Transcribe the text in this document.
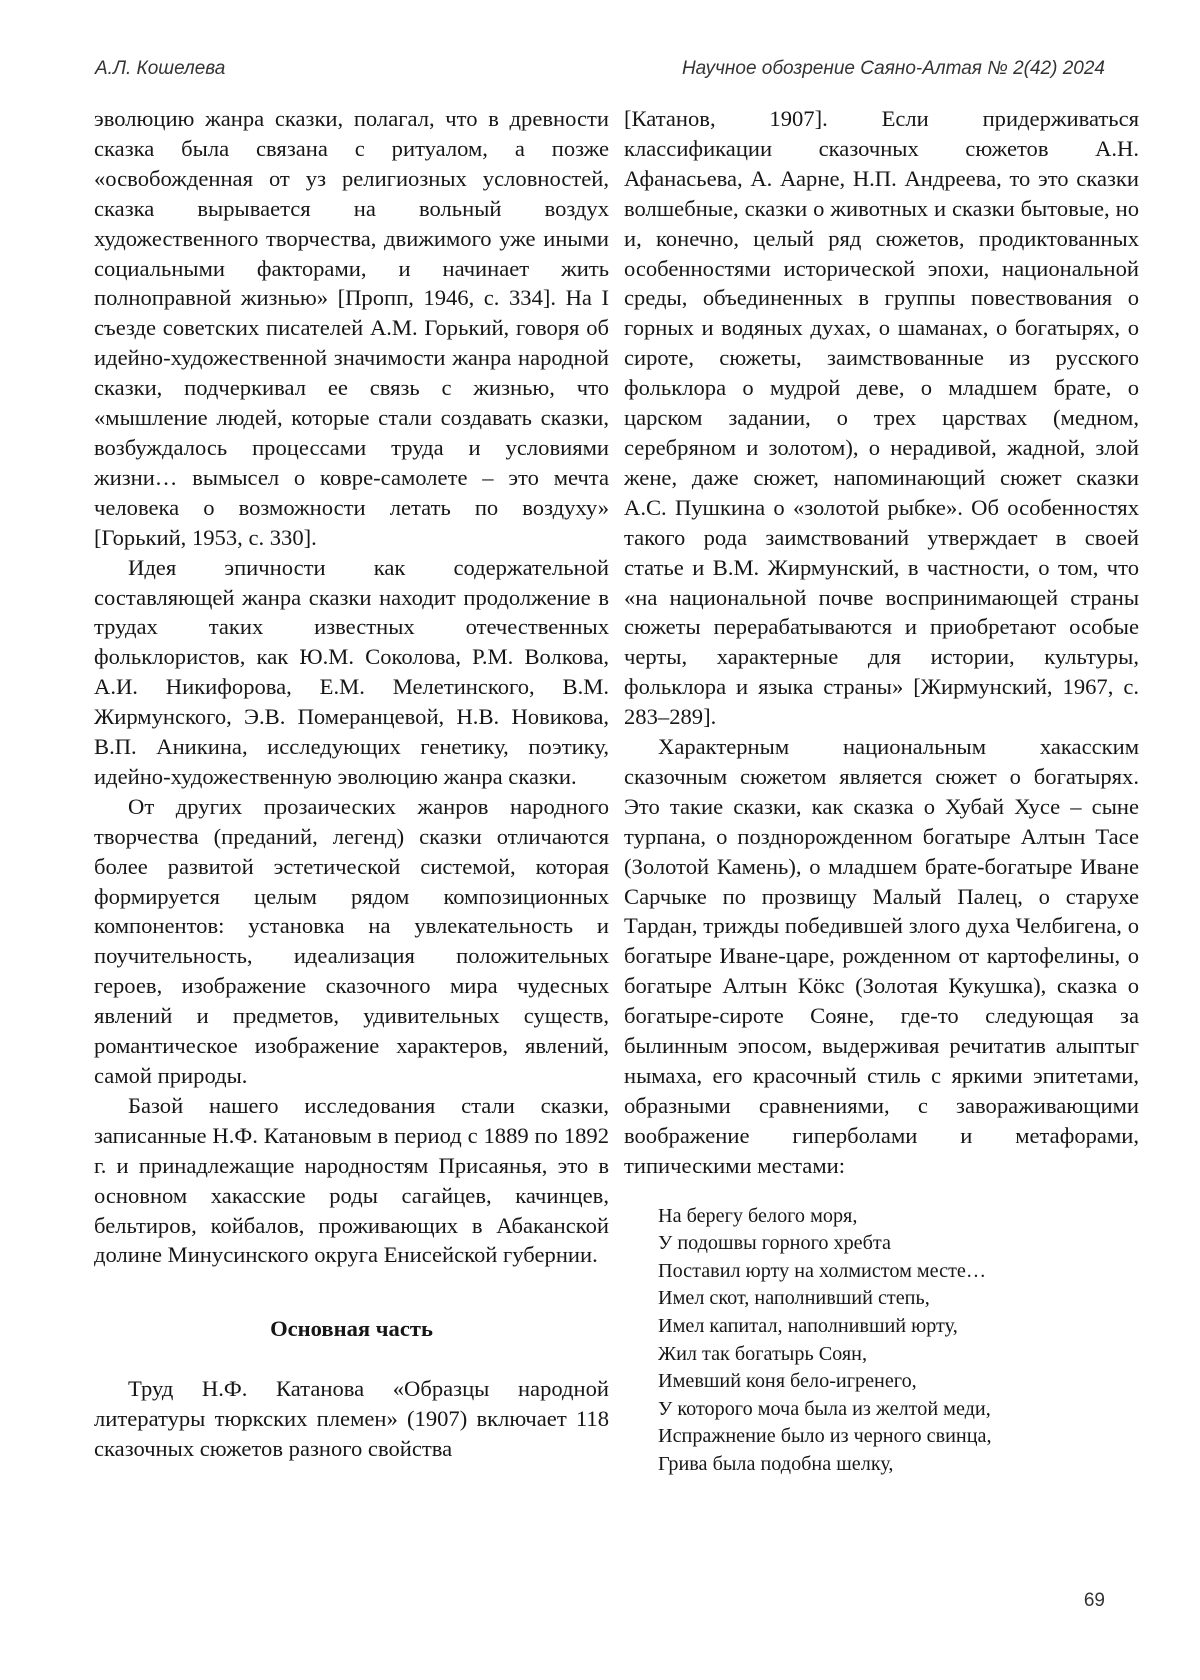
А.Л. Кошелева	Научное обозрение Саяно-Алтая № 2(42) 2024

эволюцию жанра сказки, полагал, что в древности сказка была связана с ритуалом, а позже «освобожденная от уз религиозных условностей, сказка вырывается на вольный воздух художественного творчества, движимого уже иными социальными факторами, и начинает жить полноправной жизнью» [Пропп, 1946, с. 334]. На I съезде советских писателей А.М. Горький, говоря об идейно-художественной значимости жанра народной сказки, подчеркивал ее связь с жизнью, что «мышление людей, которые стали создавать сказки, возбуждалось процессами труда и условиями жизни… вымысел о ковре-самолете – это мечта человека о возможности летать по воздуху» [Горький, 1953, с. 330].

Идея эпичности как содержательной составляющей жанра сказки находит продолжение в трудах таких известных отечественных фольклористов, как Ю.М. Соколова, Р.М. Волкова, А.И. Никифорова, Е.М. Мелетинского, В.М. Жирмунского, Э.В. Померанцевой, Н.В. Новикова, В.П. Аникина, исследующих генетику, поэтику, идейно-художественную эволюцию жанра сказки.

От других прозаических жанров народного творчества (преданий, легенд) сказки отличаются более развитой эстетической системой, которая формируется целым рядом композиционных компонентов: установка на увлекательность и поучительность, идеализация положительных героев, изображение сказочного мира чудесных явлений и предметов, удивительных существ, романтическое изображение характеров, явлений, самой природы.

Базой нашего исследования стали сказки, записанные Н.Ф. Катановым в период с 1889 по 1892 г. и принадлежащие народностям Присаянья, это в основном хакасские роды сагайцев, качинцев, бельтиров, койбалов, проживающих в Абаканской долине Минусинского округа Енисейской губернии.

Основная часть

Труд Н.Ф. Катанова «Образцы народной литературы тюркских племен» (1907) включает 118 сказочных сюжетов разного свойства

[Катанов, 1907]. Если придерживаться классификации сказочных сюжетов А.Н. Афанасьева, А. Аарне, Н.П. Андреева, то это сказки волшебные, сказки о животных и сказки бытовые, но и, конечно, целый ряд сюжетов, продиктованных особенностями исторической эпохи, национальной среды, объединенных в группы повествования о горных и водяных духах, о шаманах, о богатырях, о сироте, сюжеты, заимствованные из русского фольклора о мудрой деве, о младшем брате, о царском задании, о трех царствах (медном, серебряном и золотом), о нерадивой, жадной, злой жене, даже сюжет, напоминающий сюжет сказки А.С. Пушкина о «золотой рыбке». Об особенностях такого рода заимствований утверждает в своей статье и В.М. Жирмунский, в частности, о том, что «на национальной почве воспринимающей страны сюжеты перерабатываются и приобретают особые черты, характерные для истории, культуры, фольклора и языка страны» [Жирмунский, 1967, с. 283–289].

Характерным национальным хакасским сказочным сюжетом является сюжет о богатырях. Это такие сказки, как сказка о Хубай Хусе – сыне турпана, о позднорожденном богатыре Алтын Тасе (Золотой Камень), о младшем брате-богатыре Иване Сарчыке по прозвищу Малый Палец, о старухе Тардан, трижды победившей злого духа Челбигена, о богатыре Иване-царе, рожденном от картофелины, о богатыре Алтын Кӧкс (Золотая Кукушка), сказка о богатыре-сироте Сояне, где-то следующая за былинным эпосом, выдерживая речитатив алыптыг нымаха, его красочный стиль с яркими эпитетами, образными сравнениями, с завораживающими воображение гиперболами и метафорами, типическими местами:

На берегу белого моря,
У подошвы горного хребта
Поставил юрту на холмистом месте…
Имел скот, наполнивший степь,
Имел капитал, наполнивший юрту,
Жил так богатырь Соян,
Имевший коня бело-игренего,
У которого моча была из желтой меди,
Испражнение было из черного свинца,
Грива была подобна шелку,
69
